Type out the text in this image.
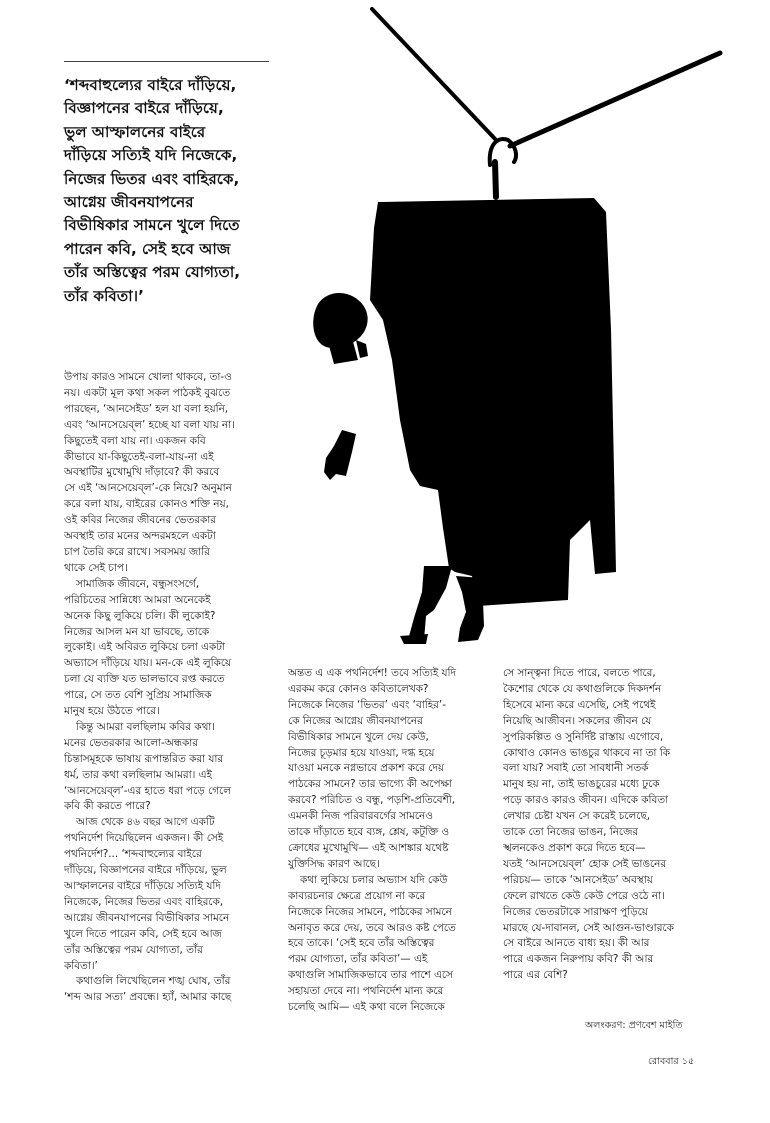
‘শব্দবাহুল্যের বাইরে দাঁড়িয়ে,
বিজ্ঞাপনের বাইরে দাঁড়িয়ে,
ভুল আস্ফালনের বাইরে
দাঁড়িয়ে সত্যিই যদি নিজেকে,
নিজের ভিতর এবং বাহিরকে,
আগ্নেয় জীবনযাপনের
বিভীষিকার সামনে খুলে দিতে
পারেন কবি, সেই হবে আজ
তাঁর অস্তিত্বের পরম যোগ্যতা,
তাঁর কবিতা।’
উপায় কারও সামনে খোলা থাকবে, তা-ও
নয়। একটা মূল কথা সকল পাঠকই বুঝতে
পারছেন, ‘আনসেইড’ হল যা বলা হয়নি,
এবং ‘আনসেয়েব্‌ল’ হচ্ছে যা বলা যায় না।
কিছুতেই বলা যায় না। একজন কবি
কীভাবে যা-কিছুতেই-বলা-যায়-না এই
অবস্থাটির মুখোমুখি দাঁড়াবে? কী করবে
সে এই ‘আনসেয়েব্‌ল’-কে নিয়ে? অনুমান
করে বলা যায়, বাইরের কোনও শক্তি নয়,
ওই কবির নিজের জীবনের ভেতরকার
অবস্থাই তার মনের অন্দরমহলে একটা
চাপ তৈরি করে রাখে। সবসময় জারি
থাকে সেই চাপ।
সামাজিক জীবনে, বন্ধুসংসর্গে,
পরিচিতের সান্নিধ্যে আমরা অনেকেই
অনেক কিছু লুকিয়ে চলি। কী লুকোই?
নিজের আসল মন যা ভাবছে, তাকে
লুকোই। এই অবিরত লুকিয়ে চলা একটা
অভ্যাসে দাঁড়িয়ে যায়। মন-কে এই লুকিয়ে
চলা যে ব্যক্তি যত ভালভাবে রপ্ত করতে
পারে, সে তত বেশি সুপ্রিয় সামাজিক
মানুষ হয়ে উঠতে পারে।
কিন্তু আমরা বলছিলাম কবির কথা।
মনের ভেতরকার আলো-অন্ধকার
চিন্তাসমূহকে ভাষায় রূপান্তরিত করা যার
ধর্ম, তার কথা বলছিলাম আমরা। এই
‘আনসেয়েব্‌ল’-এর হাতে ধরা পড়ে গেলে
কবি কী করতে পারে?
আজ থেকে ৪৬ বছর আগে একটি
পথনির্দেশ দিয়েছিলেন একজন। কী সেই
পথনির্দেশ?... ‘শব্দবাহুল্যের বাইরে
দাঁড়িয়ে, বিজ্ঞাপনের বাইরে দাঁড়িয়ে, ভুল
আস্ফালনের বাইরে দাঁড়িয়ে সত্যিই যদি
নিজেকে, নিজের ভিতর এবং বাহিরকে,
আগ্নেয় জীবনযাপনের বিভীষিকার সামনে
খুলে দিতে পারেন কবি, সেই হবে আজ
তাঁর অস্তিত্বের পরম যোগ্যতা, তাঁর
কবিতা।’
কথাগুলি লিখেছিলেন শঙ্খ ঘোষ, তাঁর
‘শব্দ আর সত্য’ প্রবন্ধে। হ্যাঁ, আমার কাছে
অন্তত এ এক পথনির্দেশ! তবে সত্যিই যদি
এরকম করে কোনও কবিতালেখক?
নিজেকে নিজের ‘ভিতর’ এবং ‘বাহির’-
কে নিজের আগ্নেয় জীবনযাপনের
বিভীষিকার সামনে খুলে দেয় কেউ,
নিজের চূড়মার হয়ে যাওয়া, দগ্ধ হয়ে
যাওয়া মনকে নগ্নভাবে প্রকাশ করে দেয়
পাঠকের সামনে? তার ভাগ্যে কী অপেক্ষা
করবে? পরিচিত ও বন্ধু, পড়শি-প্রতিবেশী,
এমনকী নিজ পরিবারবর্গের সামনেও
তাকে দাঁড়াতে হবে ব্যঙ্গ, শ্লেষ, কটূক্তি ও
ক্রোধের মুখোমুখি— এই আশঙ্কার যথেষ্ট
যুক্তিসিদ্ধ কারণ আছে।
কথা লুকিয়ে চলার অভ্যাস যদি কেউ
কাব্যরচনার ক্ষেত্রে প্রয়োগ না করে
নিজেকে নিজের সামনে, পাঠকের সামনে
অনাবৃত করে দেয়, তবে আরও কষ্ট পেতে
হবে তাকে। ‘সেই হবে তাঁর অস্তিত্বের
পরম যোগ্যতা, তাঁর কবিতা’— এই
কথাগুলি সামাজিকভাবে তার পাশে এসে
সহায়তা দেবে না। পথনির্দেশ মান্য করে
চলেছি আমি— এই কথা বলে নিজেকে
সে সান্ত্বনা দিতে পারে, বলতে পারে,
কৈশোর থেকে যে কথাগুলিকে দিকদর্শন
হিসেবে মান্য করে এসেছি, সেই পথেই
নিয়েছি আজীবন। সকলের জীবন যে
সুপরিকল্পিত ও সুনির্দিষ্ট রাস্তায় এগোবে,
কোথাও কোনও ভাঙচুর থাকবে না তা কি
বলা যায়? সবাই তো সাবধানী সতর্ক
মানুষ হয় না, তাই ভাঙচুরের মধ্যে ঢুকে
পড়ে কারও কারও জীবন। এদিকে কবিতা
লেখার চেষ্টা যখন সে করেই চলেছে,
তাকে তো নিজের ভাঙন, নিজের
স্খলনকেও প্রকাশ করে দিতে হবে—
যতই ‘আনসেয়েব্‌ল’ হোক সেই ভাঙনের
পরিচয়— তাকে ‘আনসেইড’ অবস্থায়
ফেলে রাখতে কেউ কেউ পেরে ওঠে না।
নিজের ভেতরটাকে সারাক্ষণ পুড়িয়ে
মারছে যে-দাবানল, সেই আগুন-ভাণ্ডারকে
সে বাইরে আনতে বাধ্য হয়। কী আর
পারে একজন নিরুপায় কবি? কী আর
পারে এর বেশি?
অলংকরণ: প্রণবেশ মাইতি
রোববার ১৫
